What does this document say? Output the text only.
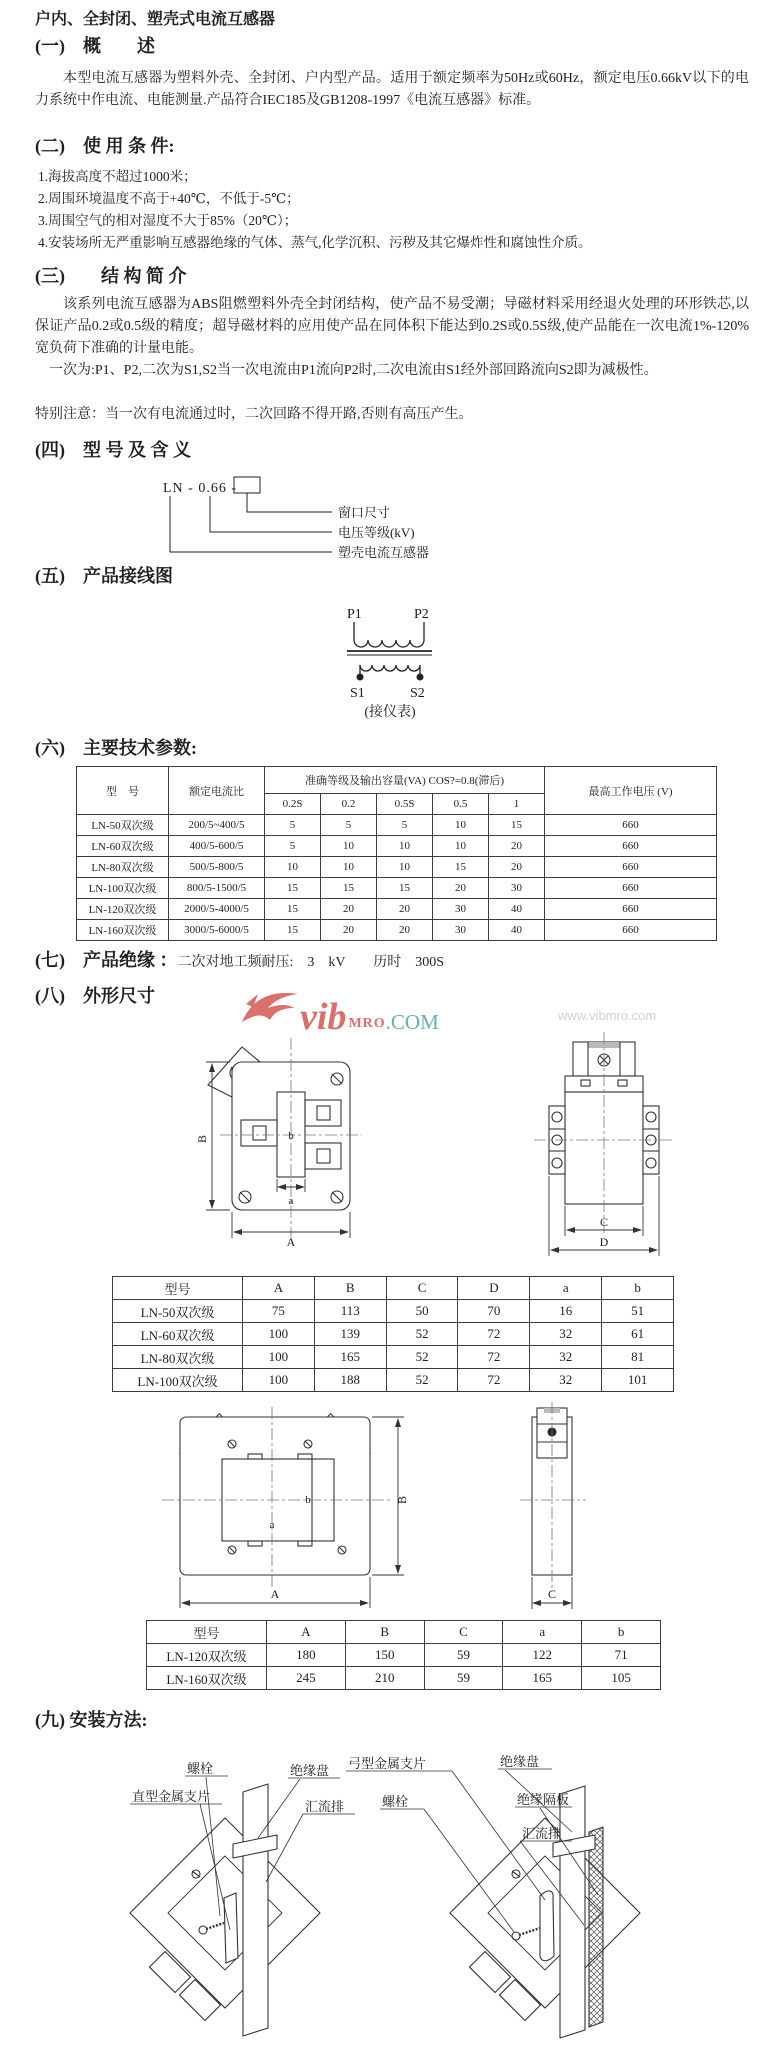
户内、全封闭、塑壳式电流互感器
(一)　概　　述
本型电流互感器为塑料外壳、全封闭、户内型产品。适用于额定频率为50Hz或60Hz，额定电压0.66kV以下的电力系统中作电流、电能测量.产品符合IEC185及GB1208-1997《电流互感器》标准。
(二)　使 用 条 件:
1.海拔高度不超过1000米；
2.周围环境温度不高于+40℃，不低于-5℃；
3.周围空气的相对湿度不大于85%（20℃）；
4.安装场所无严重影响互感器绝缘的气体、蒸气,化学沉积、污秽及其它爆炸性和腐蚀性介质。
(三)　　结 构 简 介
该系列电流互感器为ABS阻燃塑料外壳全封闭结构，使产品不易受潮；导磁材料采用经退火处理的环形铁芯,以保证产品0.2或0.5级的精度；超导磁材料的应用使产品在同体积下能达到0.2S或0.5S级,使产品能在一次电流1%-120%宽负荷下准确的计量电能。
一次为:P1、P2,二次为S1,S2当一次电流由P1流向P2时,二次电流由S1经外部回路流向S2即为减极性。
特别注意：当一次有电流通过时，二次回路不得开路,否则有高压产生。
(四)　型 号 及 含 义
LN - 0.66 -
窗口尺寸
电压等级(kV)
塑壳电流互感器
(五)　产品接线图
P1	P2
S1	S2
(接仪表)
(六)　主要技术参数:
型　号	额定电流比	准确等级及输出容量(VA) COS?=0.8(滞后)					最高工作电压 (V)
		0.2S	0.2	0.5S	0.5	1	
LN-50双次级	200/5~400/5	5	5	5	10	15	660
LN-60双次级	400/5-600/5	5	10	10	10	20	660
LN-80双次级	500/5-800/5	10	10	10	15	20	660
LN-100双次级	800/5-1500/5	15	15	15	20	30	660
LN-120双次级	2000/5-4000/5	15	20	20	30	40	660
LN-160双次级	3000/5-6000/5	15	20	20	30	40	660
(七)　产品绝缘 ：二次对地工频耐压:　3　kV　　历时　300S
(八)　外形尺寸	vib MRO .COM	www.vibmro.com
B
A
b
a
C
D
型号	A	B	C	D	a	b
LN-50双次级	75	113	50	70	16	51
LN-60双次级	100	139	52	72	32	61
LN-80双次级	100	165	52	72	32	81
LN-100双次级	100	188	52	72	32	101
B
A
b
a
C
型号	A	B	C	a	b
LN-120双次级	180	150	59	122	71
LN-160双次级	245	210	59	165	105
(九) 安装方法:
螺栓	绝缘盘
直型金属支片
汇流排
弓型金属支片	绝缘盘
螺栓	绝缘隔板
汇流排
